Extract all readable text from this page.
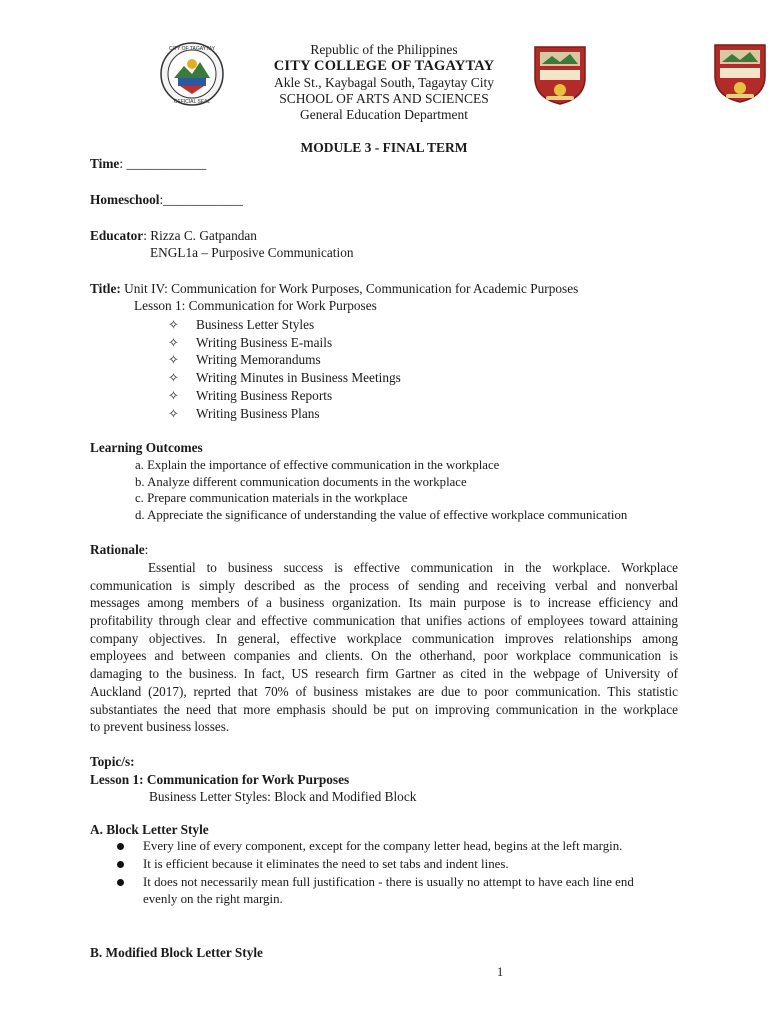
CITY OF TAGAYTAY
OFFICIAL SEAL
Republic of the Philippines
CITY COLLEGE OF TAGAYTAY
Akle St., Kaybagal South, Tagaytay City
SCHOOL OF ARTS AND SCIENCES
General Education Department
MODULE 3 - FINAL TERM
Time: ____________
Homeschool:____________
Educator: Rizza C. Gatpandan
ENGL1a – Purposive Communication
Title: Unit IV: Communication for Work Purposes, Communication for Academic Purposes
Lesson 1: Communication for Work Purposes
✧ Business Letter Styles
✧ Writing Business E-mails
✧ Writing Memorandums
✧ Writing Minutes in Business Meetings
✧ Writing Business Reports
✧ Writing Business Plans
Learning Outcomes
a. Explain the importance of effective communication in the workplace
b. Analyze different communication documents in the workplace
c. Prepare communication materials in the workplace
d. Appreciate the significance of understanding the value of effective workplace communication
Rationale:
Essential to business success is effective communication in the workplace. Workplace
communication is simply described as the process of sending and receiving verbal and nonverbal
messages among members of a business organization. Its main purpose is to increase efficiency and
profitability through clear and effective communication that unifies actions of employees toward attaining
company objectives. In general, effective workplace communication improves relationships among
employees and between companies and clients. On the otherhand, poor workplace communication is
damaging to the business. In fact, US research firm Gartner as cited in the webpage of University of
Auckland (2017), reprted that 70% of business mistakes are due to poor communication. This statistic
substantiates the need that more emphasis should be put on improving communication in the workplace
to prevent business losses.
Topic/s:
Lesson 1: Communication for Work Purposes
Business Letter Styles: Block and Modified Block
A. Block Letter Style
Every line of every component, except for the company letter head, begins at the left margin.
It is efficient because it eliminates the need to set tabs and indent lines.
It does not necessarily mean full justification - there is usually no attempt to have each line end
evenly on the right margin.
B. Modified Block Letter Style
1
